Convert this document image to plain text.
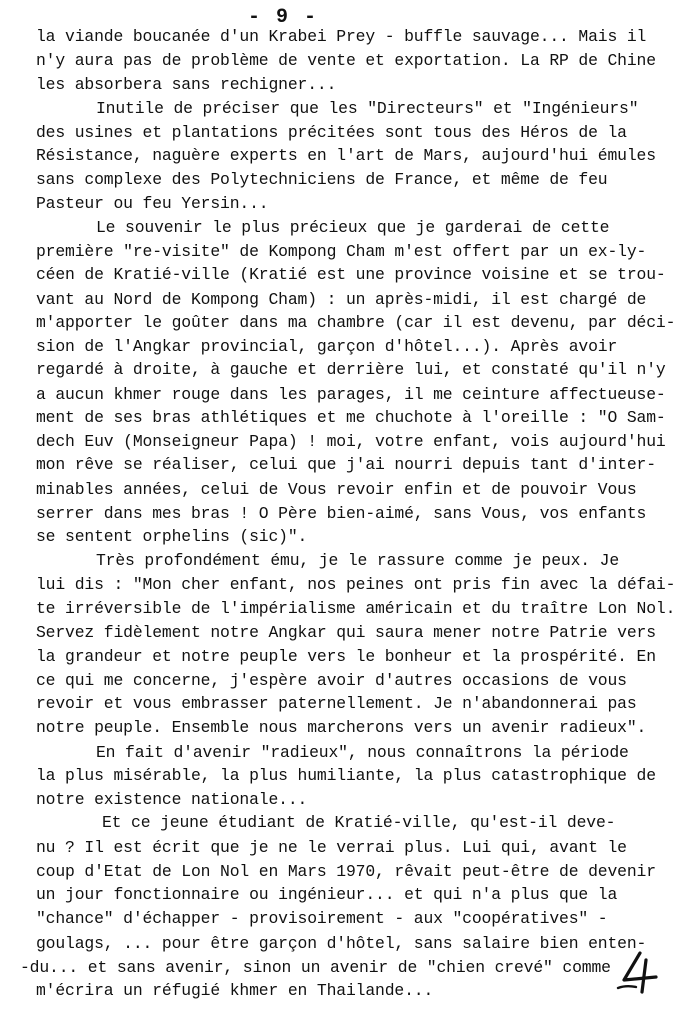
- 9 -
la viande boucanée d'un Krabei Prey - buffle sauvage... Mais il
n'y aura pas de problème de vente et exportation. La RP de Chine
les absorbera sans rechigner...
Inutile de préciser que les "Directeurs" et "Ingénieurs"
des usines et plantations précitées sont tous des Héros de la
Résistance, naguère experts en l'art de Mars, aujourd'hui émules
sans complexe des Polytechniciens de France, et même de feu
Pasteur ou feu Yersin...
Le souvenir le plus précieux que je garderai de cette
première "re-visite" de Kompong Cham m'est offert par un ex-ly-
céen de Kratié-ville (Kratié est une province voisine et se trou-
vant au Nord de Kompong Cham) : un après-midi, il est chargé de
m'apporter le goûter dans ma chambre (car il est devenu, par déci-
sion de l'Angkar provincial, garçon d'hôtel...). Après avoir
regardé à droite, à gauche et derrière lui, et constaté qu'il n'y
a aucun khmer rouge dans les parages, il me ceinture affectueuse-
ment de ses bras athlétiques et me chuchote à l'oreille : "O Sam-
dech Euv (Monseigneur Papa) ! moi, votre enfant, vois aujourd'hui
mon rêve se réaliser, celui que j'ai nourri depuis tant d'inter-
minables années, celui de Vous revoir enfin et de pouvoir Vous
serrer dans mes bras ! O Père bien-aimé, sans Vous, vos enfants
se sentent orphelins (sic)".
Très profondément ému, je le rassure comme je peux. Je
lui dis : "Mon cher enfant, nos peines ont pris fin avec la défai-
te irréversible de l'impérialisme américain et du traître Lon Nol.
Servez fidèlement notre Angkar qui saura mener notre Patrie vers
la grandeur et notre peuple vers le bonheur et la prospérité. En
ce qui me concerne, j'espère avoir d'autres occasions de vous
revoir et vous embrasser paternellement. Je n'abandonnerai pas
notre peuple. Ensemble nous marcherons vers un avenir radieux".
En fait d'avenir "radieux", nous connaîtrons la période
la plus misérable, la plus humiliante, la plus catastrophique de
notre existence nationale...
Et ce jeune étudiant de Kratié-ville, qu'est-il deve-
nu ? Il est écrit que je ne le verrai plus. Lui qui, avant le
coup d'Etat de Lon Nol en Mars 1970, rêvait peut-être de devenir
un jour fonctionnaire ou ingénieur... et qui n'a plus que la
"chance" d'échapper - provisoirement - aux "coopératives" -
goulags, ... pour être garçon d'hôtel, sans salaire bien enten-
-du... et sans avenir, sinon un avenir de "chien crevé" comme
m'écrira un réfugié khmer en Thailande...
